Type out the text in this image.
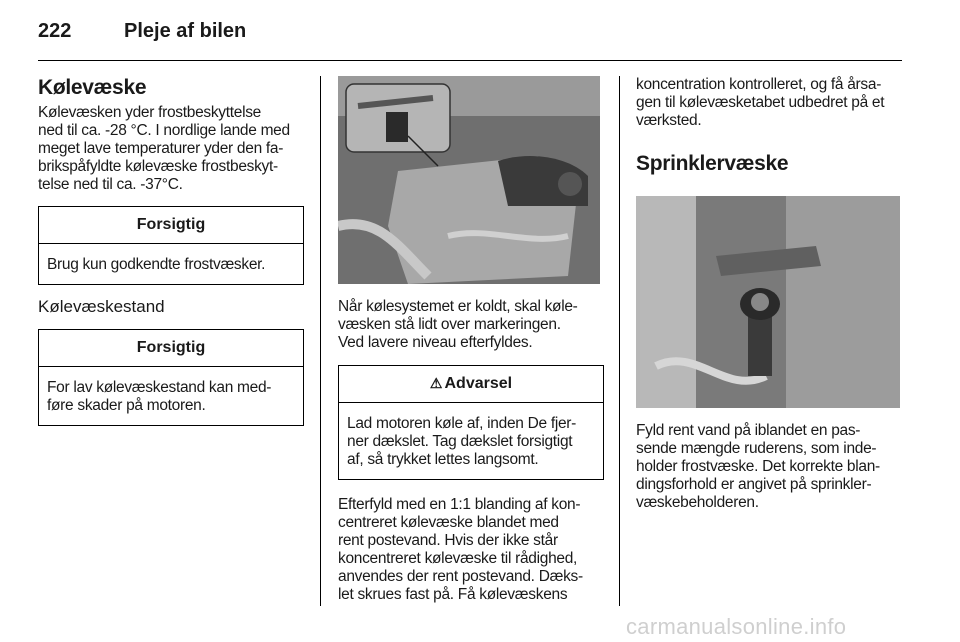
222	Pleje af bilen
Kølevæske

Kølevæsken yder frostbeskyttelse
ned til ca. -28 °C. I nordlige lande med
meget lave temperaturer yder den fa-
brikspåfyldte kølevæske frostbeskyt-
telse ned til ca. -37°C.

Forsigtig
Brug kun godkendte frostvæsker.
Kølevæskestand
Forsigtig
For lav kølevæskestand kan med-
føre skader på motoren.

Når kølesystemet er koldt, skal køle-
væsken stå lidt over markeringen.
Ved lavere niveau efterfyldes.

⚠ Advarsel
Lad motoren køle af, inden De fjer-
ner dækslet. Tag dækslet forsigtigt
af, så trykket lettes langsomt.

Efterfyld med en 1:1 blanding af kon-
centreret kølevæske blandet med
rent postevand. Hvis der ikke står
koncentreret kølevæske til rådighed,
anvendes der rent postevand. Dæks-
let skrues fast på. Få kølevæskens

koncentration kontrolleret, og få årsa-
gen til kølevæsketabet udbedret på et
værksted.

Sprinklervæske

Fyld rent vand på iblandet en pas-
sende mængde ruderens, som inde-
holder frostvæske. Det korrekte blan-
dingsforhold er angivet på sprinkler-
væskebeholderen.

carmanualsonline.info
